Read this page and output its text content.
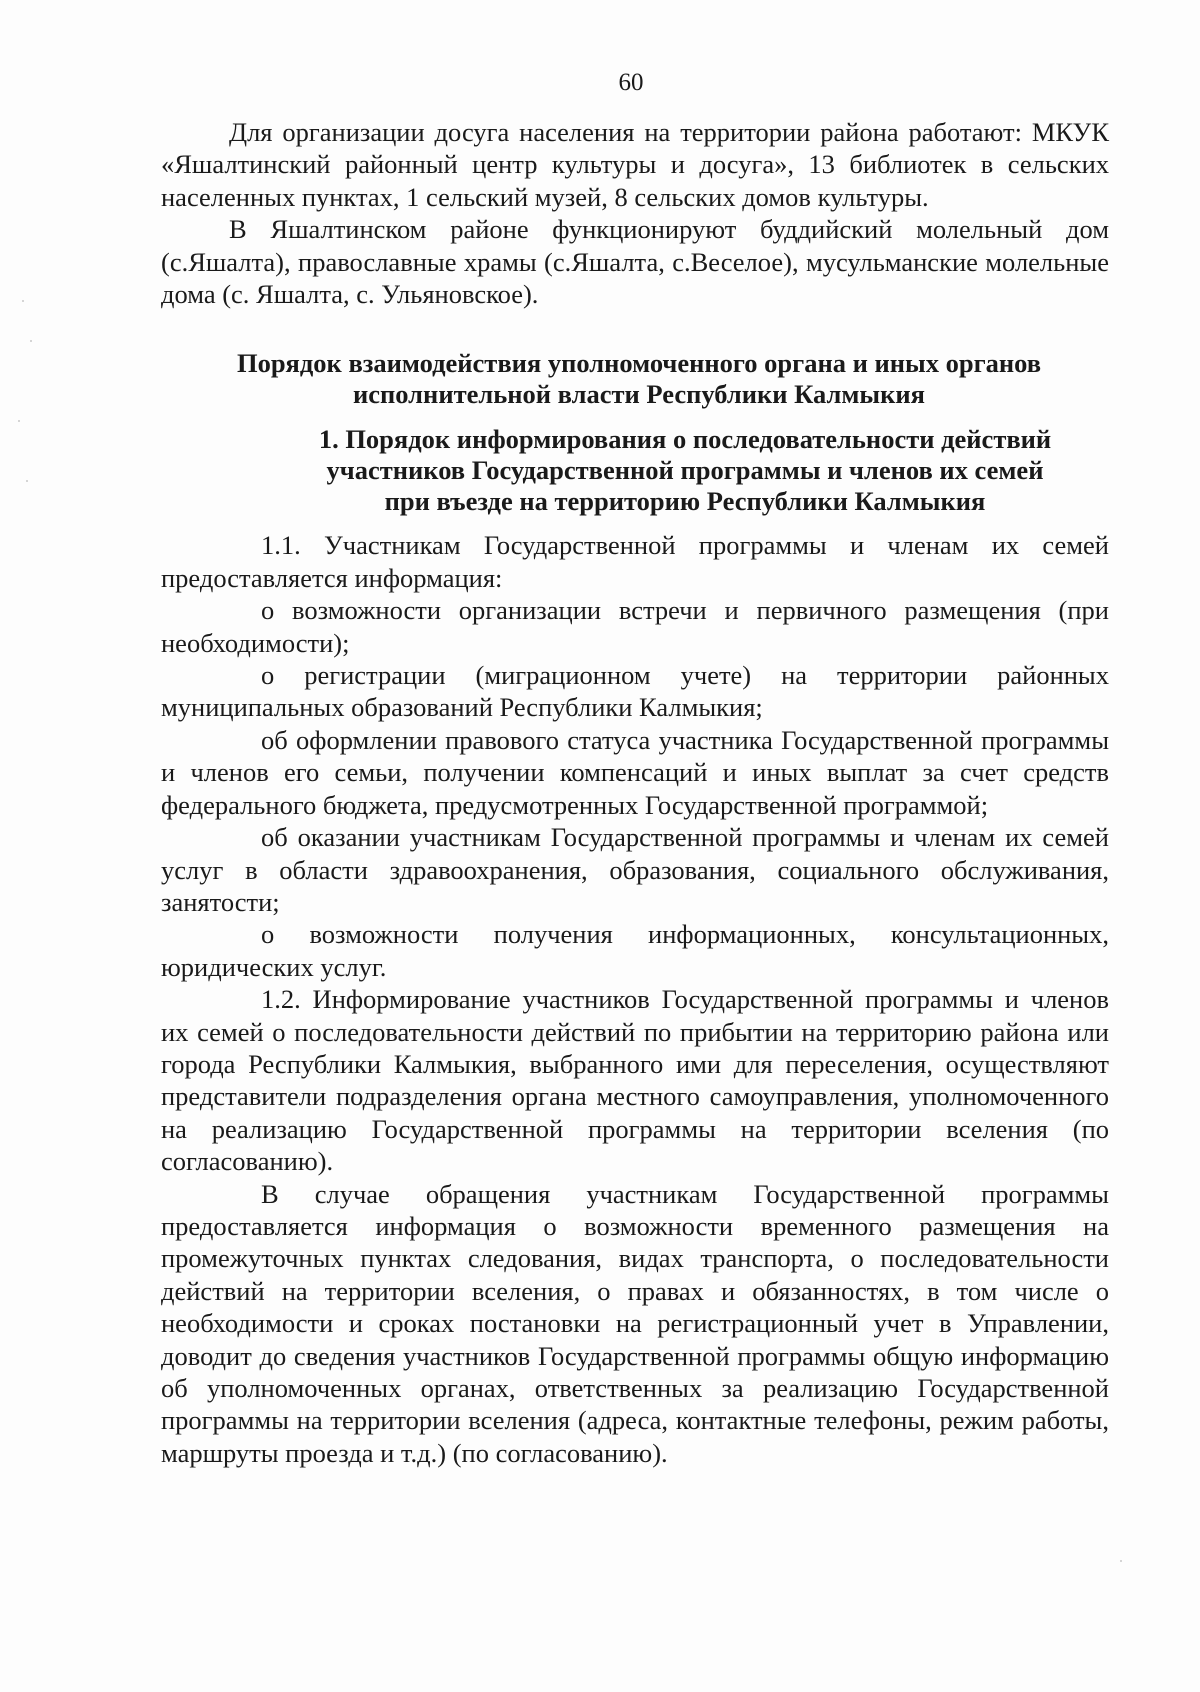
60

Для организации досуга населения на территории района работают: МКУК «Яшалтинский районный центр культуры и досуга», 13 библиотек в сельских населенных пунктах, 1 сельский музей, 8 сельских домов культуры.

В Яшалтинском районе функционируют буддийский молельный дом (с.Яшалта), православные храмы (с.Яшалта, с.Веселое), мусульманские молельные дома (с. Яшалта, с. Ульяновское).

Порядок взаимодействия уполномоченного органа и иных органов
исполнительной власти Республики Калмыкия
1. Порядок информирования о последовательности действий
участников Государственной программы и членов их семей
при въезде на территорию Республики Калмыкия

1.1. Участникам Государственной программы и членам их семей предоставляется информация:

о возможности организации встречи и первичного размещения (при необходимости);

о регистрации (миграционном учете) на территории районных муниципальных образований Республики Калмыкия;

об оформлении правового статуса участника Государственной программы и членов его семьи, получении компенсаций и иных выплат за счет средств федерального бюджета, предусмотренных Государственной программой;

об оказании участникам Государственной программы и членам их семей услуг в области здравоохранения, образования, социального обслуживания, занятости;

о возможности получения информационных, консультационных, юридических услуг.

1.2. Информирование участников Государственной программы и членов их семей о последовательности действий по прибытии на территорию района или города Республики Калмыкия, выбранного ими для переселения, осуществляют представители подразделения органа местного самоуправления, уполномоченного на реализацию Государственной программы на территории вселения (по согласованию).

В случае обращения участникам Государственной программы предоставляется информация о возможности временного размещения на промежуточных пунктах следования, видах транспорта, о последовательности действий на территории вселения, о правах и обязанностях, в том числе о необходимости и сроках постановки на регистрационный учет в Управлении, доводит до сведения участников Государственной программы общую информацию об уполномоченных органах, ответственных за реализацию Государственной программы на территории вселения (адреса, контактные телефоны, режим работы, маршруты проезда и т.д.) (по согласованию).
